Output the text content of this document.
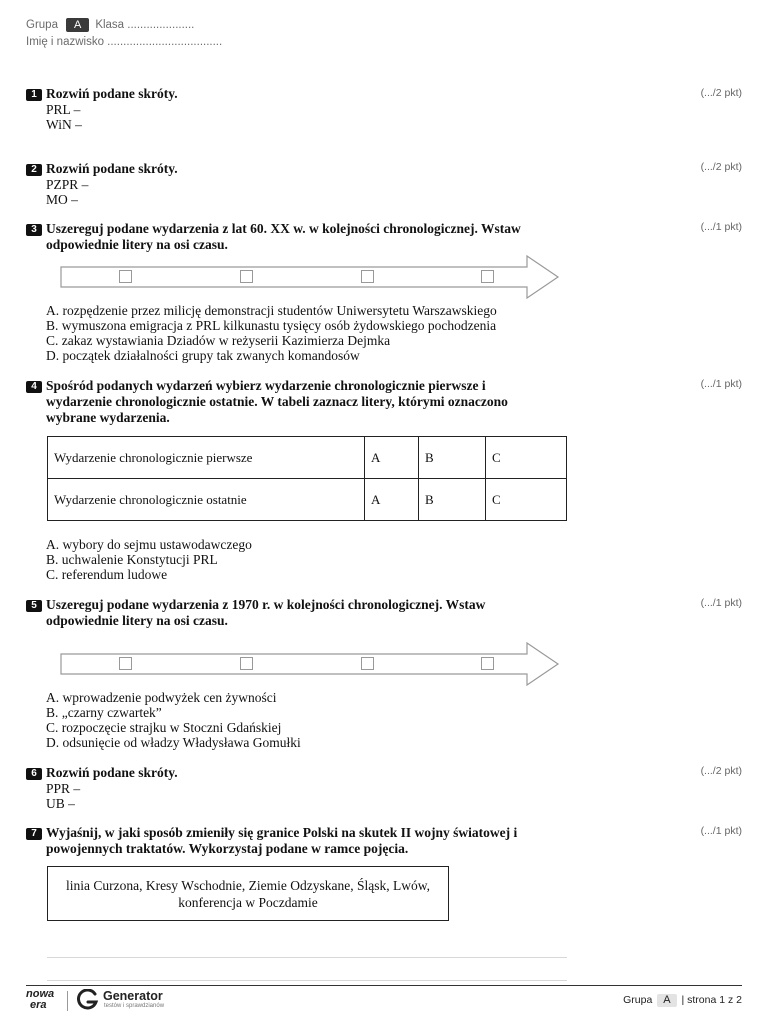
Grupa A Klasa .....................
Imię i nazwisko ....................................
1 Rozwiń podane skróty.
PRL –
WiN –
(.../2 pkt)
2 Rozwiń podane skróty.
PZPR –
MO –
(.../2 pkt)
3 Uszereguj podane wydarzenia z lat 60. XX w. w kolejności chronologicznej. Wstaw
odpowiednie litery na osi czasu.
(.../1 pkt)
A. rozpędzenie przez milicję demonstracji studentów Uniwersytetu Warszawskiego
B. wymuszona emigracja z PRL kilkunastu tysięcy osób żydowskiego pochodzenia
C. zakaz wystawiania Dziadów w reżyserii Kazimierza Dejmka
D. początek działalności grupy tak zwanych komandosów
4 Spośród podanych wydarzeń wybierz wydarzenie chronologicznie pierwsze i
wydarzenie chronologicznie ostatnie. W tabeli zaznacz litery, którymi oznaczono
wybrane wydarzenia.
(.../1 pkt)
Wydarzenie chronologicznie pierwsze	A	B	C
Wydarzenie chronologicznie ostatnie	A	B	C
A. wybory do sejmu ustawodawczego
B. uchwalenie Konstytucji PRL
C. referendum ludowe
5 Uszereguj podane wydarzenia z 1970 r. w kolejności chronologicznej. Wstaw
odpowiednie litery na osi czasu.
(.../1 pkt)
A. wprowadzenie podwyżek cen żywności
B. „czarny czwartek”
C. rozpoczęcie strajku w Stoczni Gdańskiej
D. odsunięcie od władzy Władysława Gomułki
6 Rozwiń podane skróty.
PPR –
UB –
(.../2 pkt)
7 Wyjaśnij, w jaki sposób zmieniły się granice Polski na skutek II wojny światowej i
powojennych traktatów. Wykorzystaj podane w ramce pojęcia.
(.../1 pkt)
linia Curzona, Kresy Wschodnie, Ziemie Odzyskane, Śląsk, Lwów,
konferencja w Poczdamie
nowa
era
Generator
testów i sprawdzianów	Grupa A | strona 1 z 2
